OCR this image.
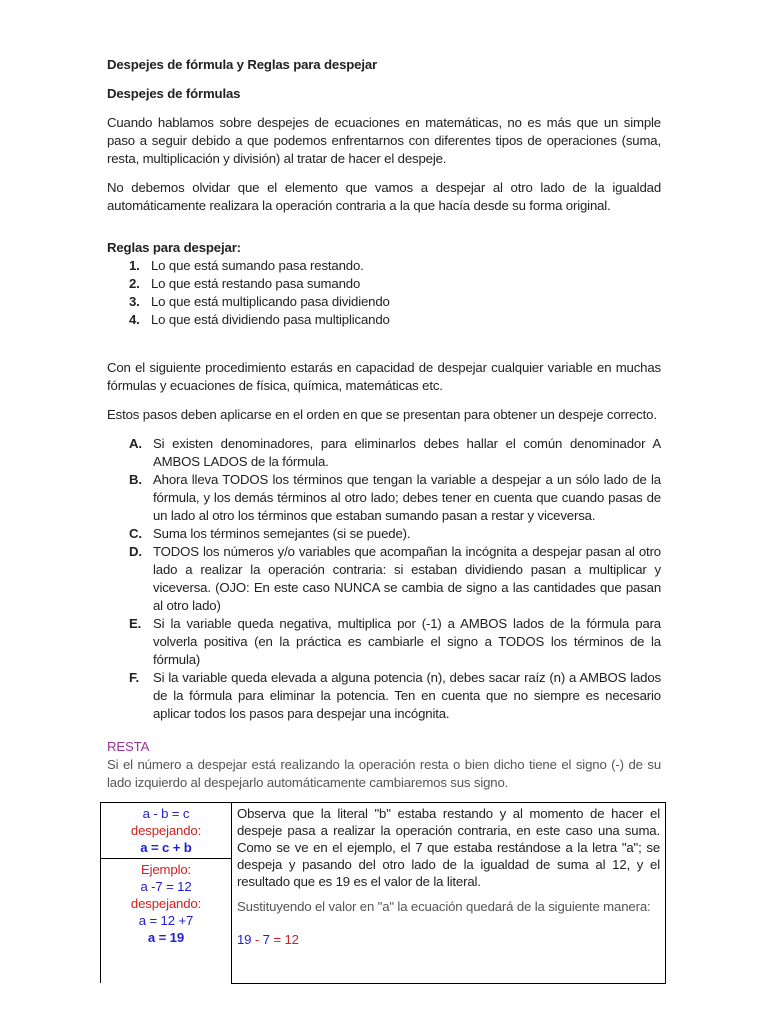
Despejes de fórmula y Reglas para despejar
Despejes de fórmulas

Cuando hablamos sobre despejes de ecuaciones en matemáticas, no es más que un simple paso a seguir debido a que podemos enfrentarnos con diferentes tipos de operaciones (suma, resta, multiplicación y división) al tratar de hacer el despeje.

No debemos olvidar que el elemento que vamos a despejar al otro lado de la igualdad automáticamente realizara la operación contraria a la que hacía desde su forma original.

Reglas para despejar:
1. Lo que está sumando pasa restando.
2. Lo que está restando pasa sumando
3. Lo que está multiplicando pasa dividiendo
4. Lo que está dividiendo pasa multiplicando

Con el siguiente procedimiento estarás en capacidad de despejar cualquier variable en muchas fórmulas y ecuaciones de física, química, matemáticas etc.

Estos pasos deben aplicarse en el orden en que se presentan para obtener un despeje correcto.

A. Si existen denominadores, para eliminarlos debes hallar el común denominador A AMBOS LADOS de la fórmula.
B. Ahora lleva TODOS los términos que tengan la variable a despejar a un sólo lado de la fórmula, y los demás términos al otro lado; debes tener en cuenta que cuando pasas de un lado al otro los términos que estaban sumando pasan a restar y viceversa.
C. Suma los términos semejantes (si se puede).
D. TODOS los números y/o variables que acompañan la incógnita a despejar pasan al otro lado a realizar la operación contraria: si estaban dividiendo pasan a multiplicar y viceversa. (OJO: En este caso NUNCA se cambia de signo a las cantidades que pasan al otro lado)
E. Si la variable queda negativa, multiplica por (-1) a AMBOS lados de la fórmula para volverla positiva (en la práctica es cambiarle el signo a TODOS los términos de la fórmula)
F.	Si la variable queda elevada a alguna potencia (n), debes sacar raíz (n) a AMBOS lados de la fórmula para eliminar la potencia. Ten en cuenta que no siempre es necesario aplicar todos los pasos para despejar una incógnita.
RESTA

Si el número a despejar está realizando la operación resta o bien dicho tiene el signo (-) de su lado izquierdo al despejarlo automáticamente cambiaremos sus signo.

a - b = c
despejando:
a = c + b

Observa que la literal "b" estaba restando y al momento de hacer el despeje pasa a realizar la operación contraria, en este caso una suma. Como se ve en el ejemplo, el 7 que estaba restándose a la letra "a"; se despeja y pasando del otro lado de la igualdad de suma al 12, y el resultado que es 19 es el valor de la literal.
Sustituyendo el valor en "a" la ecuación quedará de la siguiente manera:
19 - 7 = 12

Ejemplo:
a -7 = 12
despejando:
a = 12 +7
a = 19
